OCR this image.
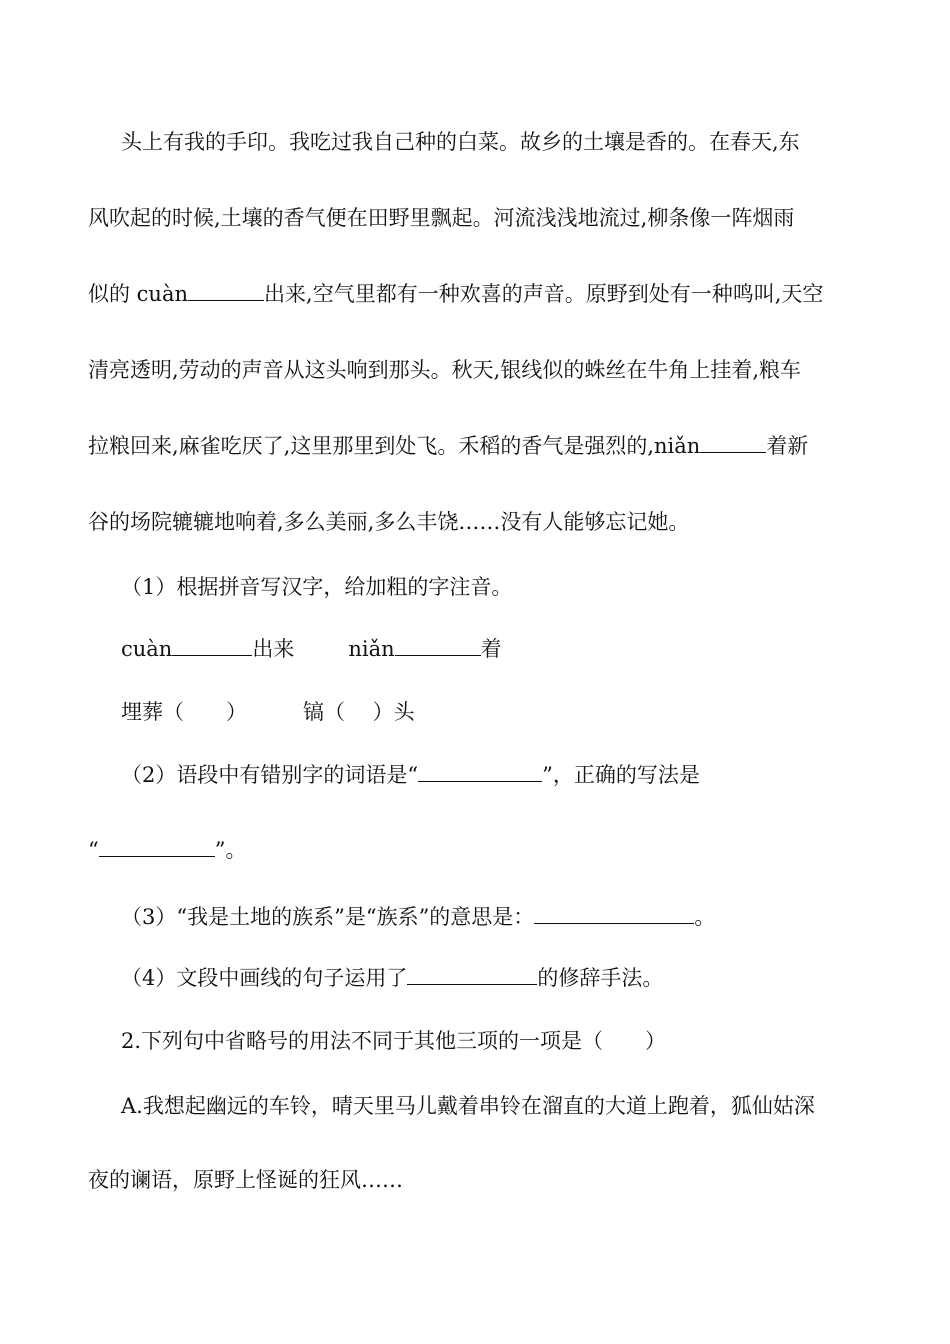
头上有我的手印。我吃过我自己种的白菜。故乡的土壤是香的。在春天,东
风吹起的时候,土壤的香气便在田野里飘起。河流浅浅地流过,柳条像一阵烟雨
似的 cuàn	出来,空气里都有一种欢喜的声音。原野到处有一种鸣叫,天空
清亮透明,劳动的声音从这头响到那头。秋天,银线似的蛛丝在牛角上挂着,粮车
拉粮回来,麻雀吃厌了,这里那里到处飞。禾稻的香气是强烈的,niǎn	着新
谷的场院辘辘地响着,多么美丽,多么丰饶……没有人能够忘记她。
（1）根据拼音写汉字，给加粗的字注音。
cuàn	出来	niǎn	着
埋葬（　　）	镐（　 ）头
（2）语段中有错别字的词语是“	”，正确的写法是
“	”。
（3）“我是土地的族系”是“族系”的意思是：	。
（4）文段中画线的句子运用了	的修辞手法。
2.下列句中省略号的用法不同于其他三项的一项是（　　）
A.我想起幽远的车铃，晴天里马儿戴着串铃在溜直的大道上跑着，狐仙姑深
夜的谰语，原野上怪诞的狂风……
